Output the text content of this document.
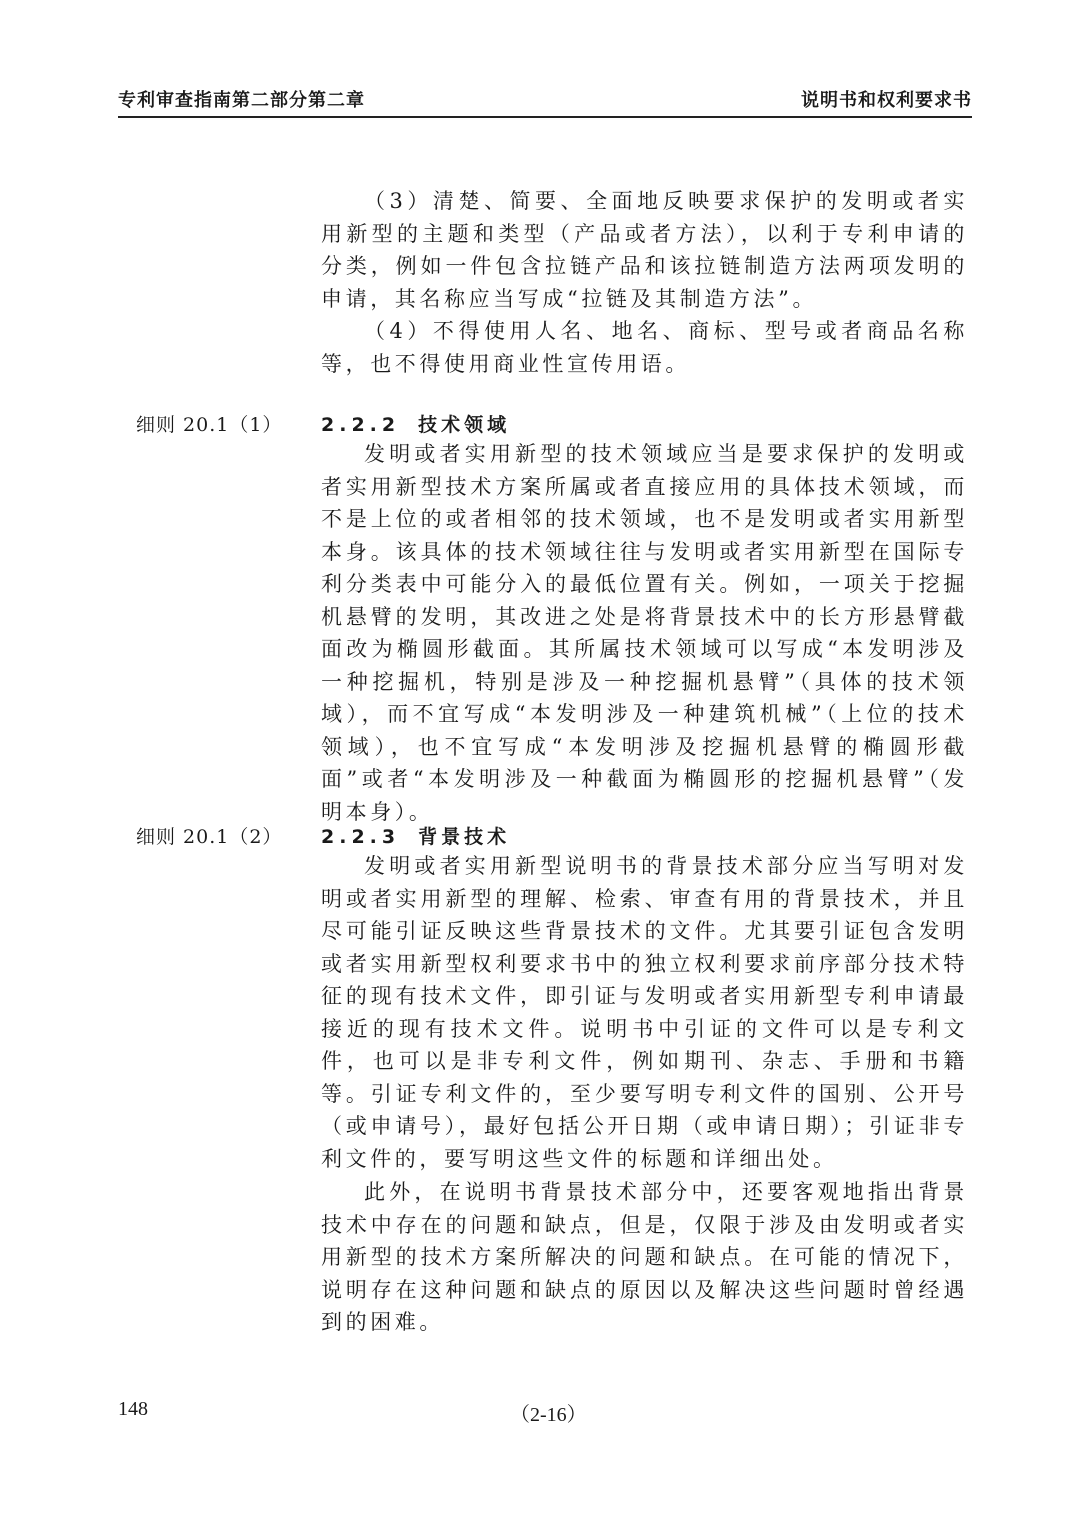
专利审查指南第二部分第二章	说明书和权利要求书

（3）清楚、简要、全面地反映要求保护的发明或者实用新型的主题和类型（产品或者方法），以利于专利申请的分类，例如一件包含拉链产品和该拉链制造方法两项发明的申请，其名称应当写成“拉链及其制造方法”。

（4）不得使用人名、地名、商标、型号或者商品名称等，也不得使用商业性宣传用语。

细则 20.1（1） 2.2.2 技术领域

发明或者实用新型的技术领域应当是要求保护的发明或者实用新型技术方案所属或者直接应用的具体技术领域，而不是上位的或者相邻的技术领域，也不是发明或者实用新型本身。该具体的技术领域往往与发明或者实用新型在国际专利分类表中可能分入的最低位置有关。例如，一项关于挖掘机悬臂的发明，其改进之处是将背景技术中的长方形悬臂截面改为椭圆形截面。其所属技术领域可以写成“本发明涉及一种挖掘机，特别是涉及一种挖掘机悬臂”（具体的技术领域），而不宜写成“本发明涉及一种建筑机械”（上位的技术领域），也不宜写成“本发明涉及挖掘机悬臂的椭圆形截面”或者“本发明涉及一种截面为椭圆形的挖掘机悬臂”（发明本身）。

细则 20.1（2） 2.2.3 背景技术

发明或者实用新型说明书的背景技术部分应当写明对发明或者实用新型的理解、检索、审查有用的背景技术，并且尽可能引证反映这些背景技术的文件。尤其要引证包含发明或者实用新型权利要求书中的独立权利要求前序部分技术特征的现有技术文件，即引证与发明或者实用新型专利申请最接近的现有技术文件。说明书中引证的文件可以是专利文件，也可以是非专利文件，例如期刊、杂志、手册和书籍等。引证专利文件的，至少要写明专利文件的国别、公开号（或申请号），最好包括公开日期（或申请日期）；引证非专利文件的，要写明这些文件的标题和详细出处。

此外，在说明书背景技术部分中，还要客观地指出背景技术中存在的问题和缺点，但是，仅限于涉及由发明或者实用新型的技术方案所解决的问题和缺点。在可能的情况下，说明存在这种问题和缺点的原因以及解决这些问题时曾经遇到的困难。

148	（2-16）
